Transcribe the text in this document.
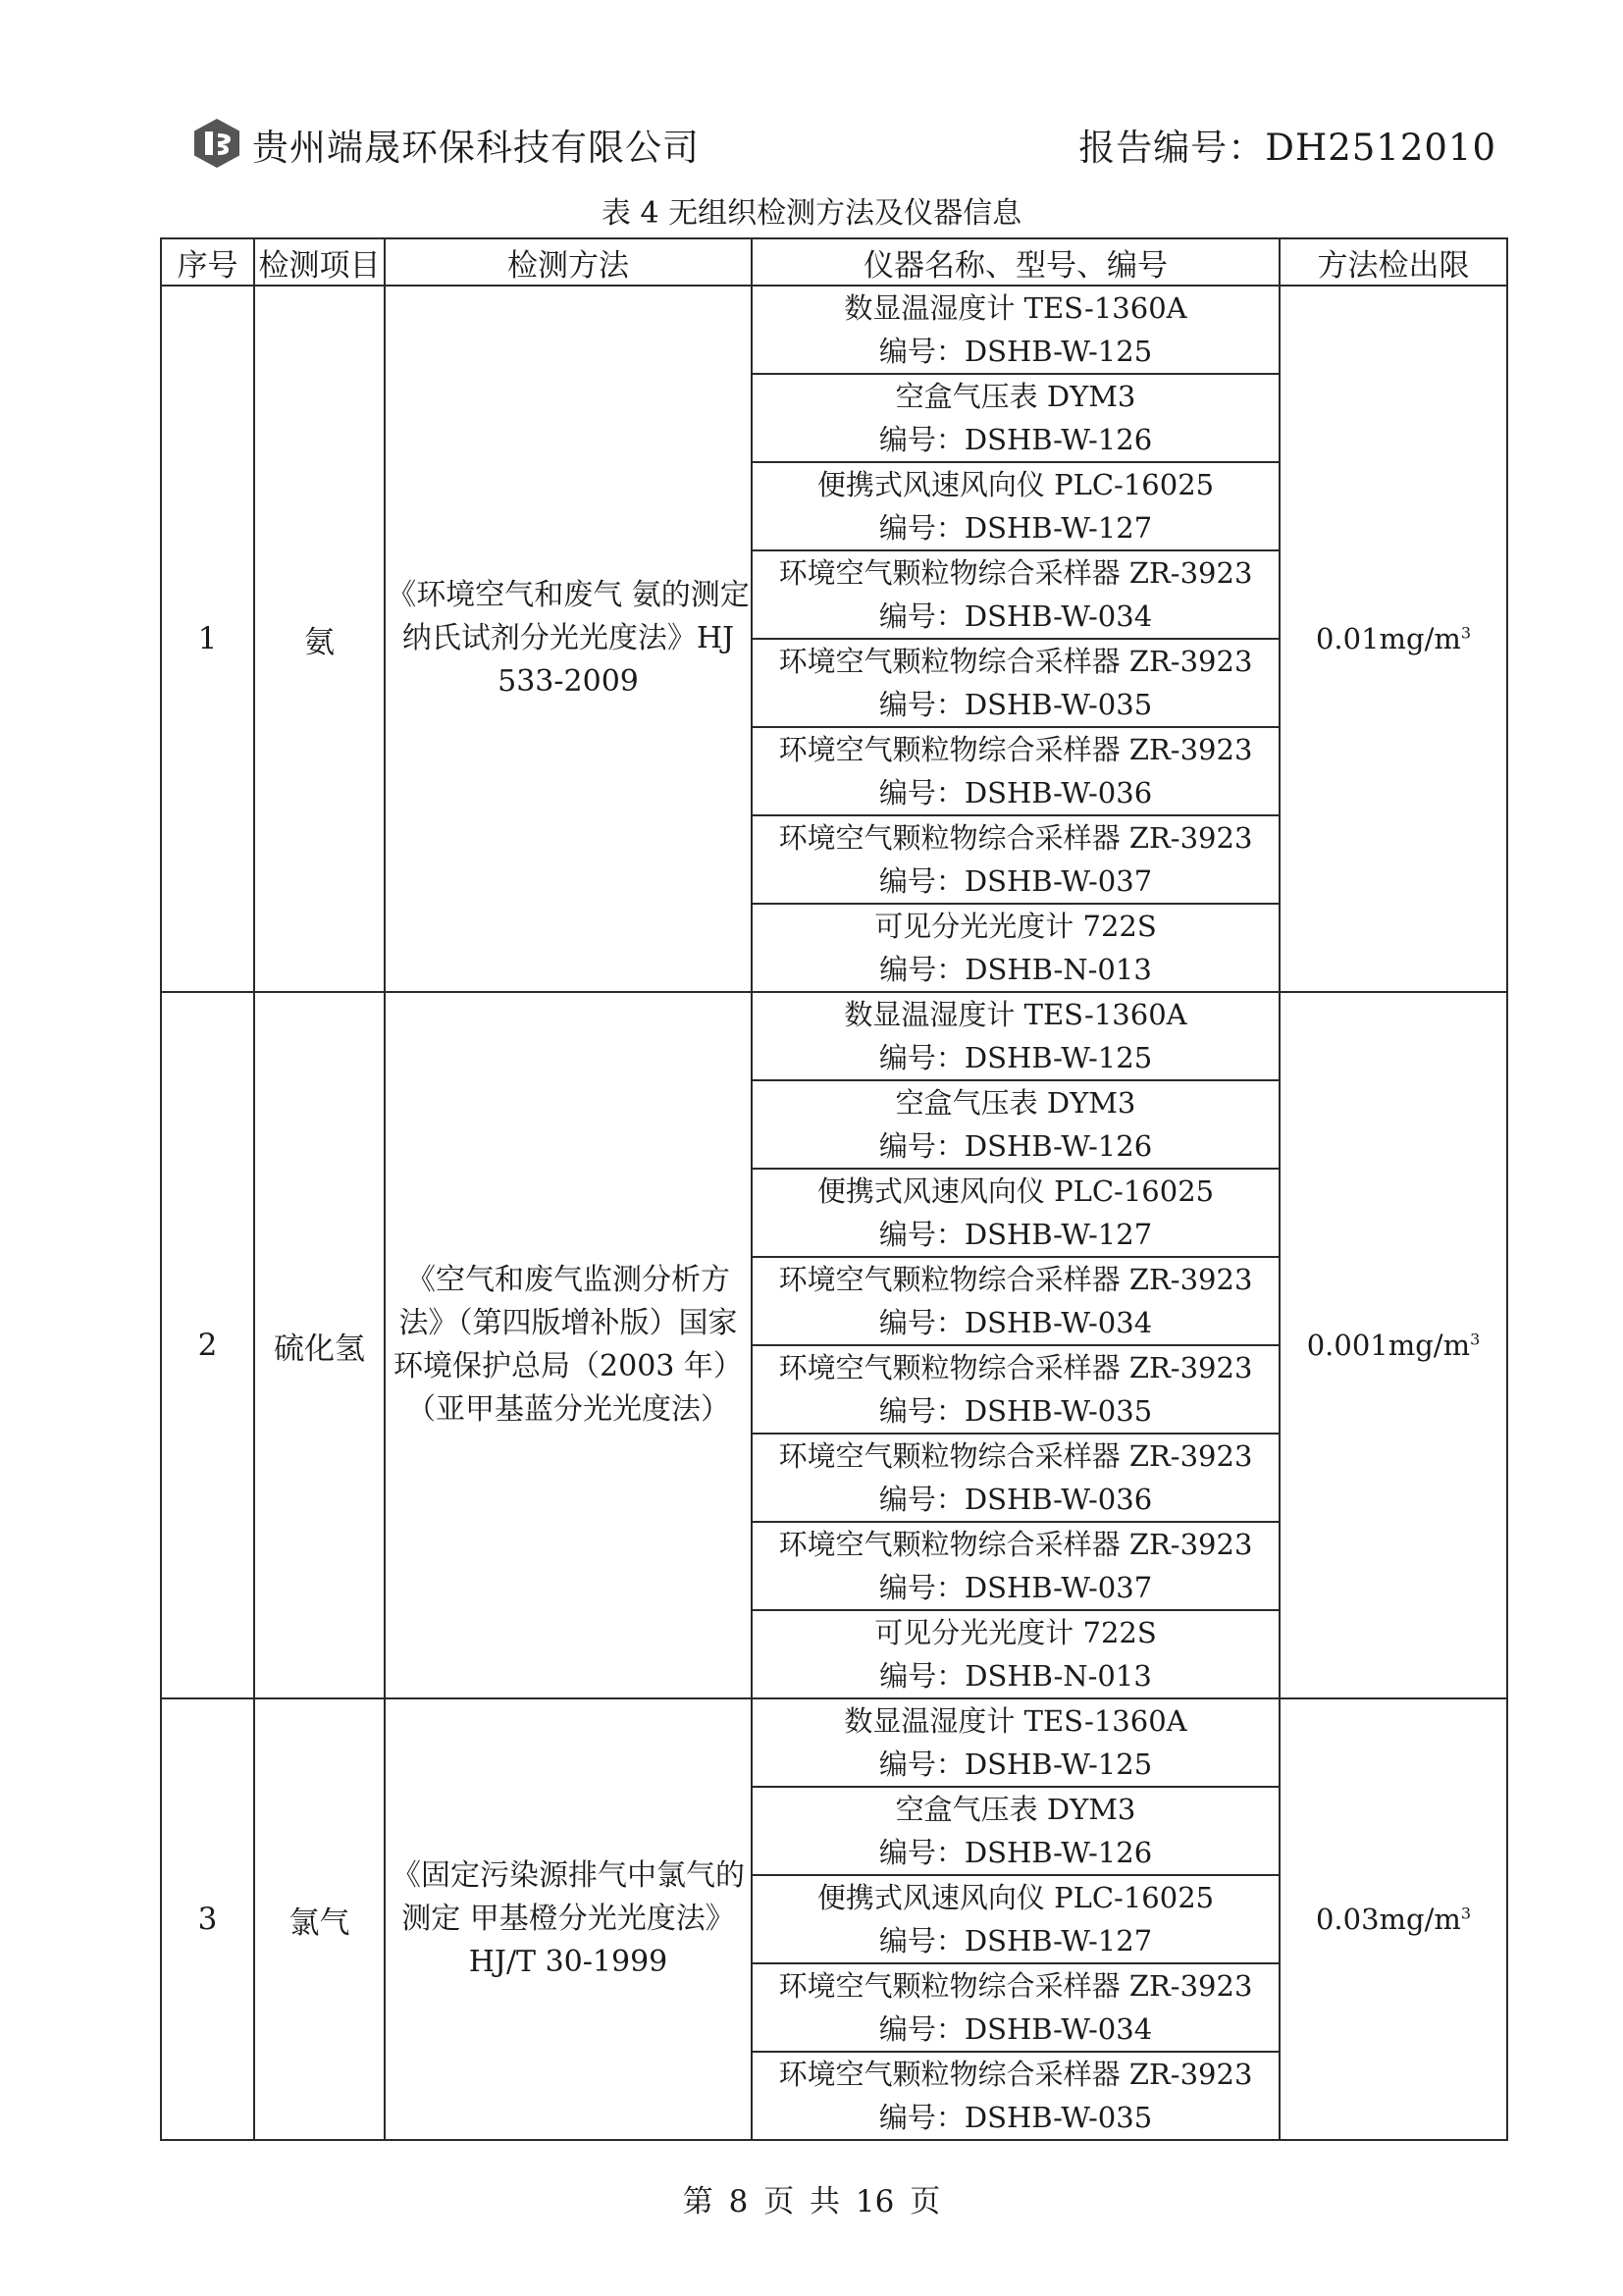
贵州端晟环保科技有限公司	报告编号：DH2512010
表 4 无组织检测方法及仪器信息
序号	检测项目	检测方法	仪器名称、型号、编号	方法检出限
1	氨	《环境空气和废气 氨的测定 纳氏试剂分光光度法》HJ 533-2009	数显温湿度计 TES-1360A
编号：DSHB-W-125	$0.01mg/m^3$

			空盒气压表 DYM3
编号：DSHB-W-126	

			便携式风速风向仪 PLC-16025
编号：DSHB-W-127	

			环境空气颗粒物综合采样器 ZR-3923
编号：DSHB-W-034	

			环境空气颗粒物综合采样器 ZR-3923
编号：DSHB-W-035	

			环境空气颗粒物综合采样器 ZR-3923
编号：DSHB-W-036	

			环境空气颗粒物综合采样器 ZR-3923
编号：DSHB-W-037	

			可见分光光度计 722S
编号：DSHB-N-013	

2	硫化氢	《空气和废气监测分析方法》（第四版增补版）国家环境保护总局（2003 年）（亚甲基蓝分光光度法）	数显温湿度计 TES-1360A
编号：DSHB-W-125	$0.001mg/m^3$

			空盒气压表 DYM3
编号：DSHB-W-126	

			便携式风速风向仪 PLC-16025
编号：DSHB-W-127	

			环境空气颗粒物综合采样器 ZR-3923
编号：DSHB-W-034	

			环境空气颗粒物综合采样器 ZR-3923
编号：DSHB-W-035	

			环境空气颗粒物综合采样器 ZR-3923
编号：DSHB-W-036	

			环境空气颗粒物综合采样器 ZR-3923
编号：DSHB-W-037	

			可见分光光度计 722S
编号：DSHB-N-013	

3	氯气	《固定污染源排气中氯气的测定 甲基橙分光光度法》HJ/T 30-1999	数显温湿度计 TES-1360A
编号：DSHB-W-125	$0.03mg/m^3$

			空盒气压表 DYM3
编号：DSHB-W-126	

			便携式风速风向仪 PLC-16025
编号：DSHB-W-127	

			环境空气颗粒物综合采样器 ZR-3923
编号：DSHB-W-034	

			环境空气颗粒物综合采样器 ZR-3923
编号：DSHB-W-035	
第 8 页 共 16 页
